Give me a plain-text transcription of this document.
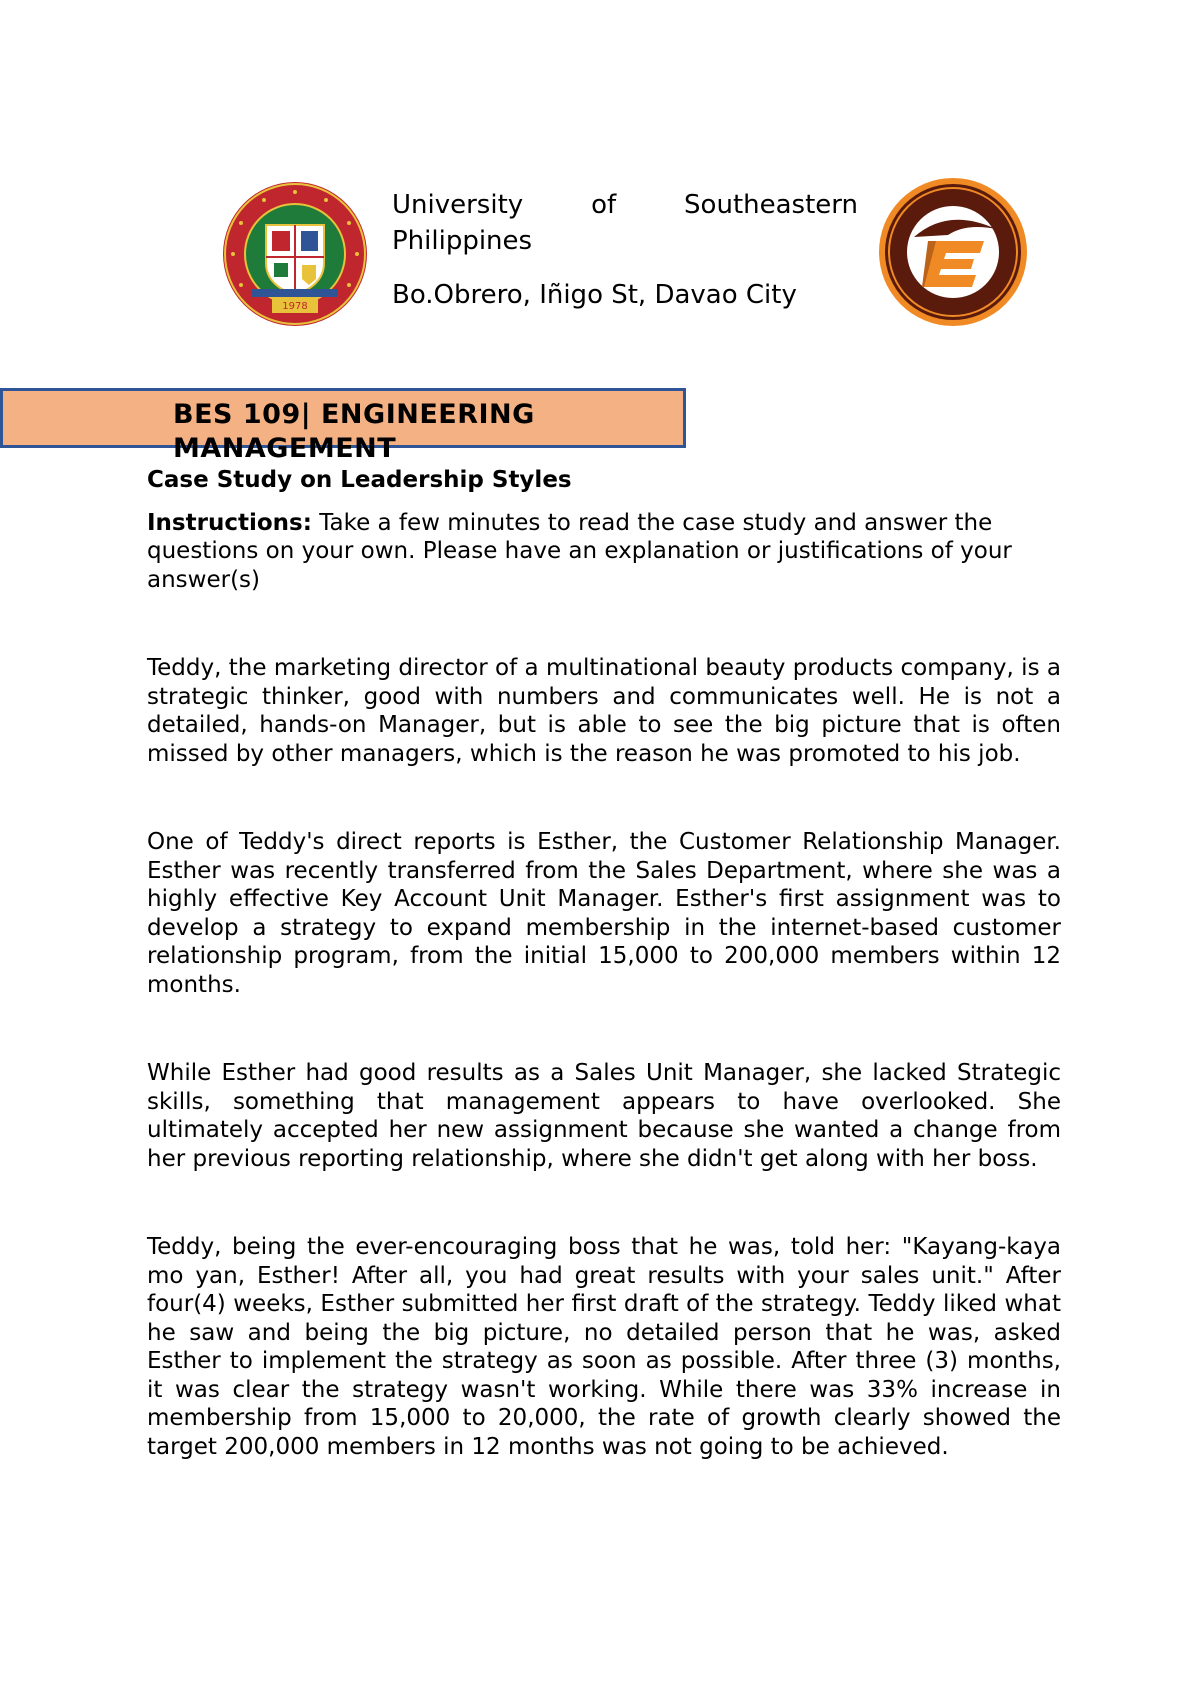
1978

University of Southeastern Philippines

Bo.Obrero, Iñigo St, Davao City

BES 109| ENGINEERING
MANAGEMENT

Case Study on Leadership Styles

Instructions: Take a few minutes to read the case study and answer the questions on your own. Please have an explanation or justifications of your answer(s)

Teddy, the marketing director of a multinational beauty products company, is a strategic thinker, good with numbers and communicates well. He is not a detailed, hands-on Manager, but is able to see the big picture that is often missed by other managers, which is the reason he was promoted to his job.

One of Teddy's direct reports is Esther, the Customer Relationship Manager. Esther was recently transferred from the Sales Department, where she was a highly effective Key Account Unit Manager. Esther's first assignment was to develop a strategy to expand membership in the internet-based customer relationship program, from the initial 15,000 to 200,000 members within 12 months.

While Esther had good results as a Sales Unit Manager, she lacked Strategic skills, something that management appears to have overlooked. She ultimately accepted her new assignment because she wanted a change from her previous reporting relationship, where she didn't get along with her boss.

Teddy, being the ever-encouraging boss that he was, told her: "Kayang-kaya mo yan, Esther! After all, you had great results with your sales unit." After four(4) weeks, Esther submitted her first draft of the strategy. Teddy liked what he saw and being the big picture, no detailed person that he was, asked Esther to implement the strategy as soon as possible. After three (3) months, it was clear the strategy wasn't working. While there was 33% increase in membership from 15,000 to 20,000, the rate of growth clearly showed the target 200,000 members in 12 months was not going to be achieved.
